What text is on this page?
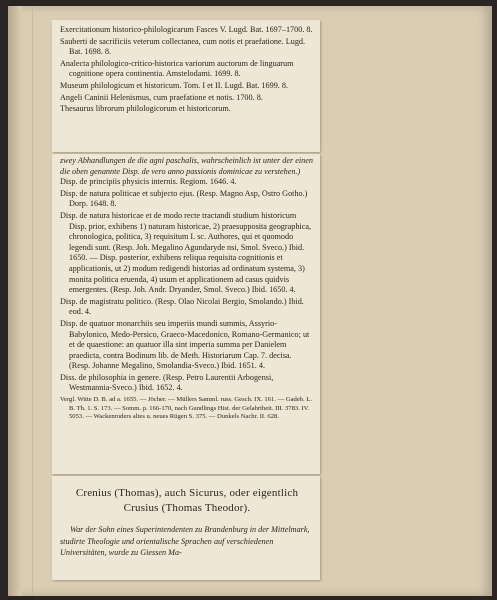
Exercitationum historico-philologicarum Fasces V. Lugd. Bat. 1697–1700. 8.

Sauberti de sacrificiis veterum collectanea, cum notis et praefatione. Lugd. Bat. 1698. 8.

Analecta philologico-critico-historica variorum auctorum de linguarum cognitione opera continentia. Amstelodami. 1699. 8.

Museum philologicum et historicum. Tom. I et II. Lugd. Bat. 1699. 8.

Angeli Caninii Helenismus, cum praefatione et notis. 1700. 8.

Thesaurus librorum philologicorum et historicorum.

zwey Abhandlungen de die agni paschalis, wahrscheinlich ist unter der einen die oben genannte Disp. de vero anno passionis dominicae zu verstehen.)

Disp. de principiis physicis internis. Regiom. 1646. 4.

Disp. de natura politicae et subjecto ejus. (Resp. Magno Asp, Ostro Gotho.) Dorp. 1648. 8.

Disp. de natura historicae et de modo recte tractandi studium historicum Disp. prior, exhibens 1) naturam historicae, 2) praesupposita geographica, chronologica, politica, 3) requisitum I. sc. Authores, qui et quomodo legendi sunt. (Resp. Joh. Megalino Agundaryde nsi, Smol. Sveco.) Ibid. 1650. — Disp. posterior, exhibens reliqua requisita cognitionis et applicationis, ut 2) modum redigendi historias ad ordinatum systema, 3) monita politica eruenda, 4) usum et applicationem ad casus quidvis emergentes. (Resp. Joh. Andr. Dryander, Smol. Sveco.) Ibid. 1650. 4.

Disp. de magistratu politico. (Resp. Olao Nicolai Bergio, Smolando.) Ibid. eod. 4.

Disp. de quatuor monarchiis seu imperiis mundi summis, Assyrio-Babylonico, Medo-Persico, Graeco-Macedonico, Romano-Germanico; ut et de quaestione: an quatuor illa sint imperia summa per Danielem praedicta, contra Bodinum lib. de Meth. Historiarum Cap. 7. decisa. (Resp. Johanne Megalino, Smolandia-Sveco.) Ibid. 1651. 4.

Diss. de philosophia in genere. (Resp. Petro Laurentii Arbogensi, Westmannia-Sveco.) Ibid. 1652. 4.

Vergl. Witte D. B. ad a. 1655. — Jöcher. — Müllers Samml. russ. Gesch. IX. 161. — Gadeb. L. B. Th. 1. S. 173. — Somm. p. 166-170, nach Gundlings Hist. der Gelahrtheit. III. 3783. IV. 5053. — Wackenroders altes u. neues Rügen S. 375. — Dunkels Nachr. II. 628.

Crenius (Thomas), auch Sicurus, oder eigentlich Crusius (Thomas Theodor).

War der Sohn eines Superintendenten zu Brandenburg in der Mittelmark, studirte Theologie und orientalische Sprachen auf verschiedenen Universitäten, wurde zu Giessen Ma-
